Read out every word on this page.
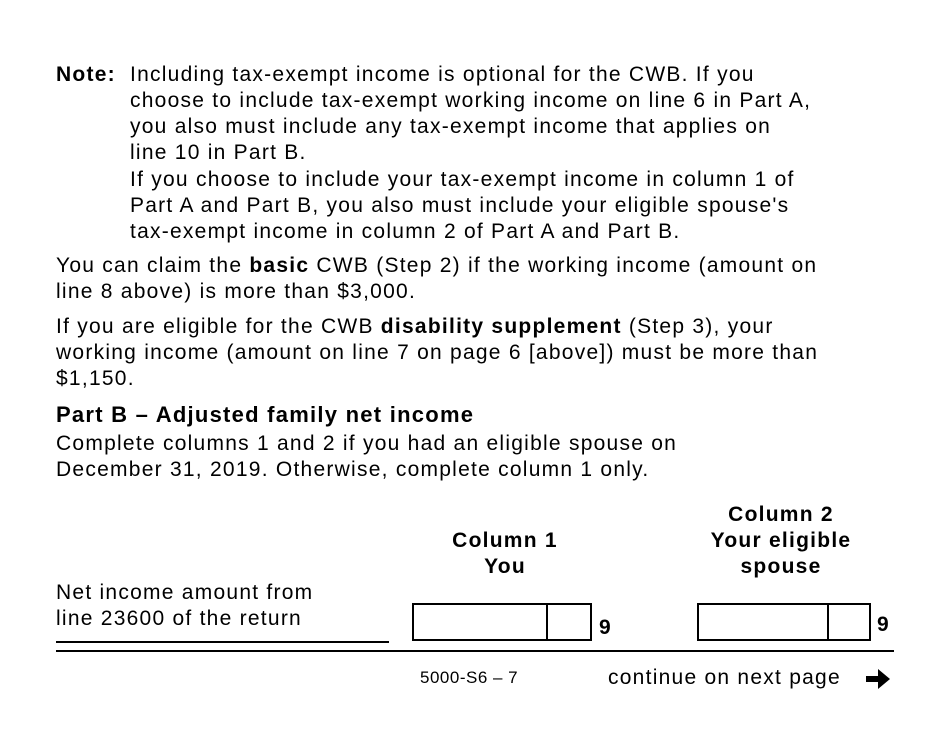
Note: Including tax-exempt income is optional for the CWB. If you
choose to include tax-exempt working income on line 6 in Part A,
you also must include any tax-exempt income that applies on
line 10 in Part B.
If you choose to include your tax-exempt income in column 1 of
Part A and Part B, you also must include your eligible spouse's
tax-exempt income in column 2 of Part A and Part B.
You can claim the basic CWB (Step 2) if the working income (amount on
line 8 above) is more than $3,000.
If you are eligible for the CWB disability supplement (Step 3), your
working income (amount on line 7 on page 6 [above]) must be more than
$1,150.
Part B – Adjusted family net income
Complete columns 1 and 2 if you had an eligible spouse on
December 31, 2019. Otherwise, complete column 1 only.
Column 1
You
Column 2
Your eligible
spouse
Net income amount from
line 23600 of the return	9	9
5000-S6 – 7	continue on next page
